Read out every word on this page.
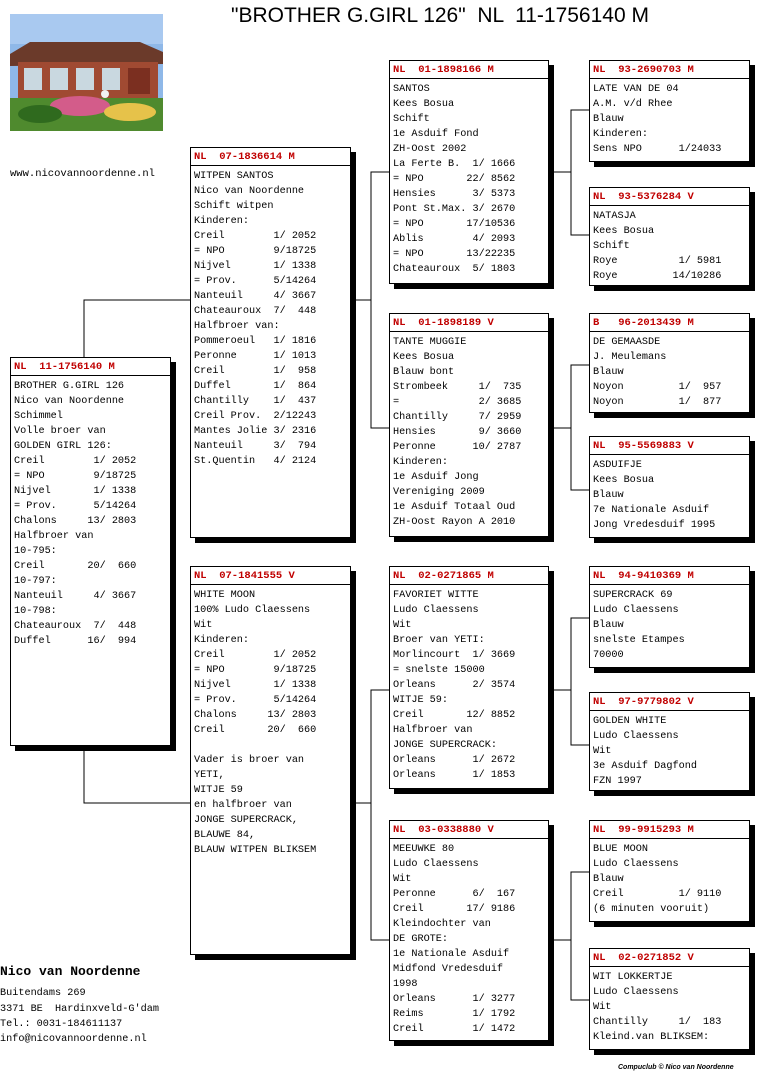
"BROTHER G.GIRL 126"  NL  11-1756140 M
www.nicovannoordenne.nl
NL  11-1756140 M
BROTHER G.GIRL 126
Nico van Noordenne
Schimmel
Volle broer van
GOLDEN GIRL 126:
Creil        1/ 2052
= NPO        9/18725
Nijvel       1/ 1338
= Prov.      5/14264
Chalons     13/ 2803
Halfbroer van
10-795:
Creil       20/  660
10-797:
Nanteuil     4/ 3667
10-798:
Chateauroux  7/  448
Duffel      16/  994
NL  07-1836614 M
WITPEN SANTOS
Nico van Noordenne
Schift witpen
Kinderen:
Creil        1/ 2052
= NPO        9/18725
Nijvel       1/ 1338
= Prov.      5/14264
Nanteuil     4/ 3667
Chateauroux  7/  448
Halfbroer van:
Pommeroeul   1/ 1816
Peronne      1/ 1013
Creil        1/  958
Duffel       1/  864
Chantilly    1/  437
Creil Prov.  2/12243
Mantes Jolie 3/ 2316
Nanteuil     3/  794
St.Quentin   4/ 2124
NL  07-1841555 V
WHITE MOON
100% Ludo Claessens
Wit
Kinderen:
Creil        1/ 2052
= NPO        9/18725
Nijvel       1/ 1338
= Prov.      5/14264
Chalons     13/ 2803
Creil       20/  660
Vader is broer van
YETI,
WITJE 59
en halfbroer van
JONGE SUPERCRACK,
BLAUWE 84,
BLAUW WITPEN BLIKSEM
NL  01-1898166 M
SANTOS
Kees Bosua
Schift
1e Asduif Fond
ZH-Oost 2002
La Ferte B.  1/ 1666
= NPO       22/ 8562
Hensies      3/ 5373
Pont St.Max. 3/ 2670
= NPO       17/10536
Ablis        4/ 2093
= NPO       13/22235
Chateauroux  5/ 1803
NL  01-1898189 V
TANTE MUGGIE
Kees Bosua
Blauw bont
Strombeek     1/  735
=             2/ 3685
Chantilly     7/ 2959
Hensies       9/ 3660
Peronne      10/ 2787
Kinderen:
1e Asduif Jong
Vereniging 2009
1e Asduif Totaal Oud
ZH-Oost Rayon A 2010
NL  02-0271865 M
FAVORIET WITTE
Ludo Claessens
Wit
Broer van YETI:
Morlincourt  1/ 3669
= snelste 15000
Orleans      2/ 3574
WITJE 59:
Creil       12/ 8852
Halfbroer van
JONGE SUPERCRACK:
Orleans      1/ 2672
Orleans      1/ 1853
NL  03-0338880 V
MEEUWKE 80
Ludo Claessens
Wit
Peronne      6/  167
Creil       17/ 9186
Kleindochter van
DE GROTE:
1e Nationale Asduif
Midfond Vredesduif
1998
Orleans      1/ 3277
Reims        1/ 1792
Creil        1/ 1472
NL  93-2690703 M
LATE VAN DE 04
A.M. v/d Rhee
Blauw
Kinderen:
Sens NPO      1/24033
NL  93-5376284 V
NATASJA
Kees Bosua
Schift
Roye          1/ 5981
Roye         14/10286
B   96-2013439 M
DE GEMAASDE
J. Meulemans
Blauw
Noyon         1/  957
Noyon         1/  877
NL  95-5569883 V
ASDUIFJE
Kees Bosua
Blauw
7e Nationale Asduif
Jong Vredesduif 1995
NL  94-9410369 M
SUPERCRACK 69
Ludo Claessens
Blauw
snelste Etampes
70000
NL  97-9779802 V
GOLDEN WHITE
Ludo Claessens
Wit
3e Asduif Dagfond
FZN 1997
NL  99-9915293 M
BLUE MOON
Ludo Claessens
Blauw
Creil         1/ 9110
(6 minuten vooruit)
NL  02-0271852 V
WIT LOKKERTJE
Ludo Claessens
Wit
Chantilly     1/  183
Kleind.van BLIKSEM:
Nico van Noordenne
Buitendams 269
3371 BE  Hardinxveld-G'dam
Tel.: 0031-184611137
info@nicovannoordenne.nl
Compuclub © Nico van Noordenne
